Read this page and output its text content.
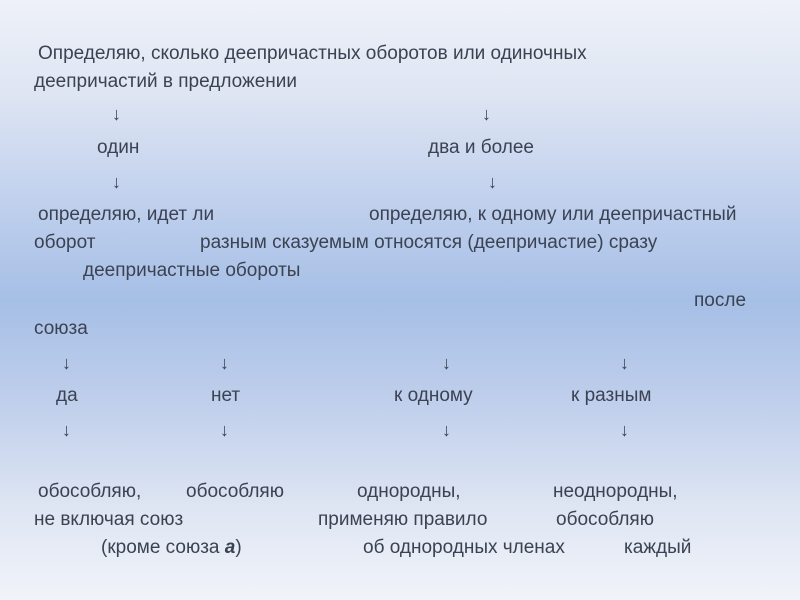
Определяю, сколько деепричастных оборотов или одиночных

деепричастий в предложении

↓	↓
один	два и более
↓	↓
определяю, идет ли	определяю, к одному или деепричастный
оборот	разным сказуемым относятся (деепричастие) сразу
деепричастные обороты
после
союза
↓	↓	↓	↓
да	нет	к одному	к разным
↓	↓	↓	↓
обособляю, обособляю	однородны,	неоднородны,
не включая союз	применяю правило	обособляю
(кроме союза а)	об однородных членах	каждый
